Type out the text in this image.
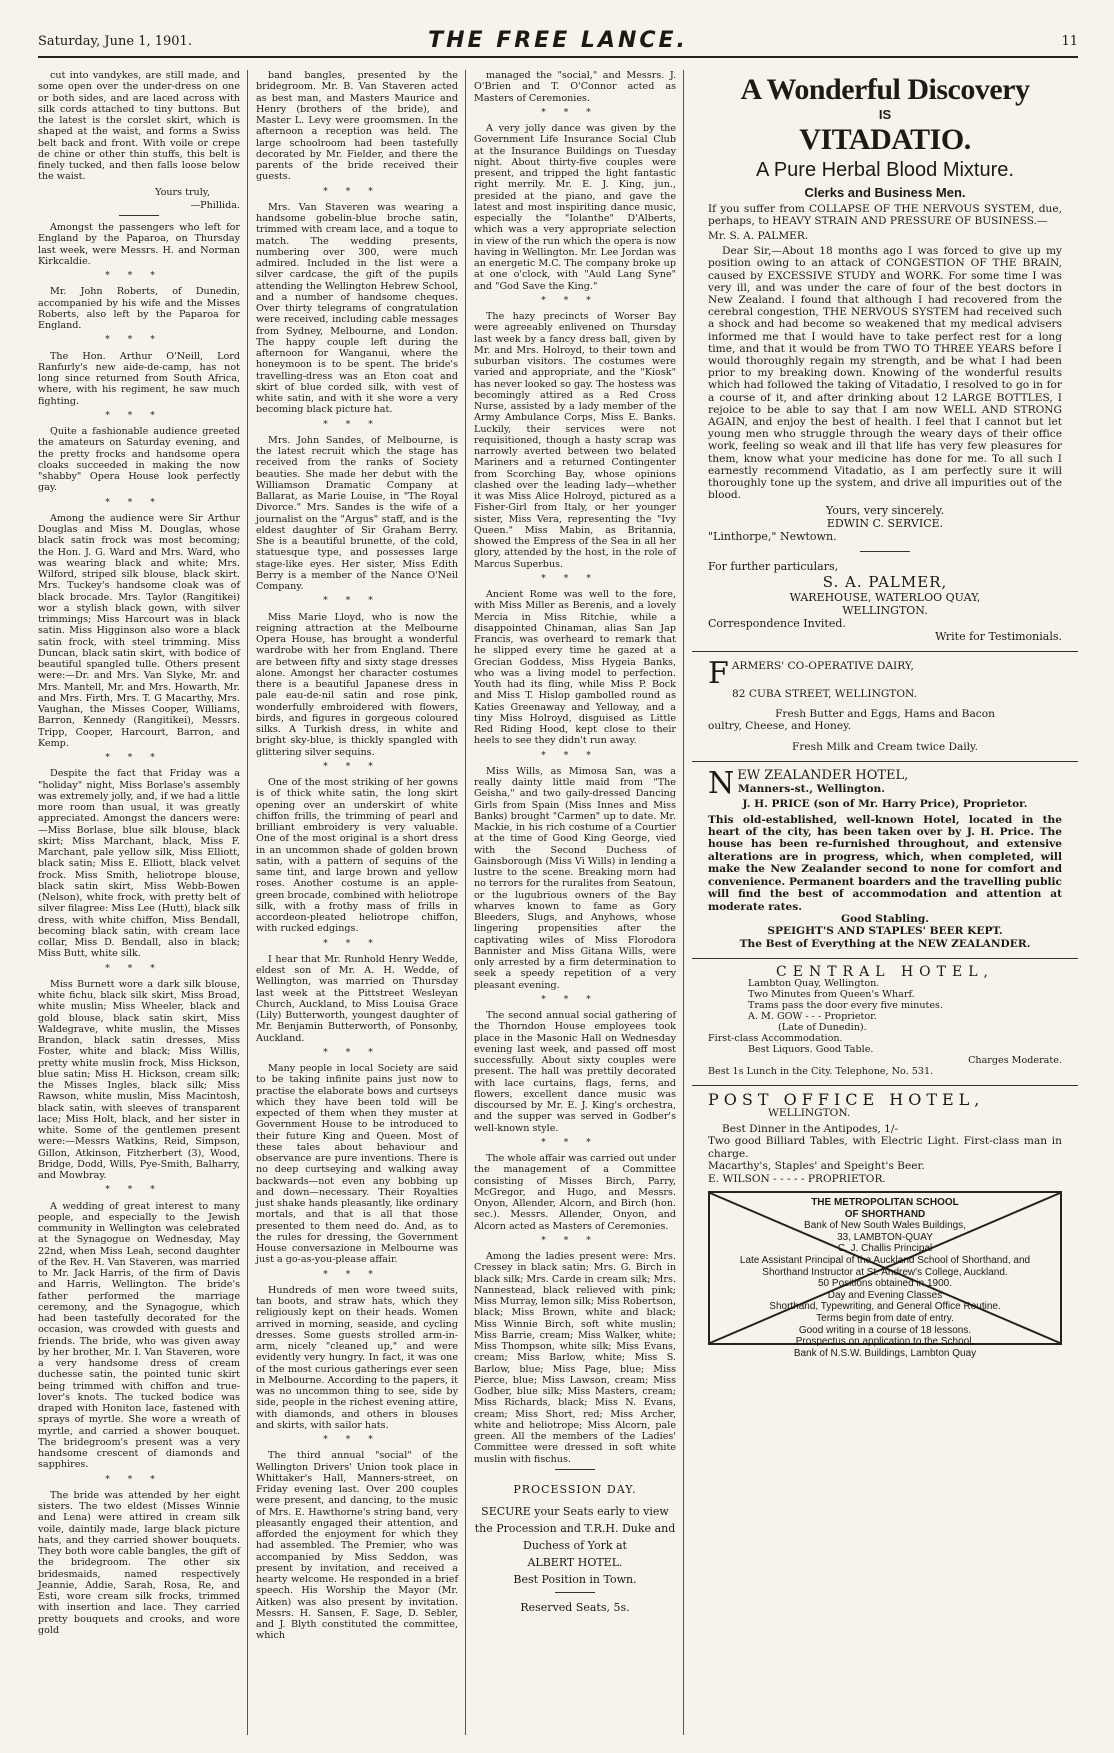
Saturday, June 1, 1901.	THE FREE LANCE.	11

cut into vandykes, are still made, and some open over the under-dress on one or both sides, and are laced across with silk cords attached to tiny buttons. But the latest is the corslet skirt, which is shaped at the waist, and forms a Swiss belt back and front. With voile or crepe de chine or other thin stuffs, this belt is finely tucked, and then falls loose below the waist.

Yours truly,
—Phillida.

Amongst the passengers who left for England by the Paparoa, on Thursday last week, were Messrs. H. and Norman Kirkcaldie.

***

Mr. John Roberts, of Dunedin, accompanied by his wife and the Misses Roberts, also left by the Paparoa for England.

***

The Hon. Arthur O'Neill, Lord Ranfurly's new aide-de-camp, has not long since returned from South Africa, where, with his regiment, he saw much fighting.

***

Quite a fashionable audience greeted the amateurs on Saturday evening, and the pretty frocks and handsome opera cloaks succeeded in making the now "shabby" Opera House look perfectly gay.

***

Among the audience were Sir Arthur Douglas and Miss M. Douglas, whose black satin frock was most becoming; the Hon. J. G. Ward and Mrs. Ward, who was wearing black and white; Mrs. Wilford, striped silk blouse, black skirt. Mrs. Tuckey's handsome cloak was of black brocade. Mrs. Taylor (Rangitikei) wor a stylish black gown, with silver trimmings; Miss Harcourt was in black satin. Miss Higginson also wore a black satin frock, with steel trimming. Miss Duncan, black satin skirt, with bodice of beautiful spangled tulle. Others present were:—Dr. and Mrs. Van Slyke, Mr. and Mrs. Mantell, Mr. and Mrs. Howarth, Mr. and Mrs. Firth, Mrs. T. G Macarthy, Mrs. Vaughan, the Misses Cooper, Williams, Barron, Kennedy (Rangitikei), Messrs. Tripp, Cooper, Harcourt, Barron, and Kemp.

***

Despite the fact that Friday was a "holiday" night, Miss Borlase's assembly was extremely jolly, and, if we had a little more room than usual, it was greatly appreciated. Amongst the dancers were:—Miss Borlase, blue silk blouse, black skirt; Miss Marchant, black, Miss F. Marchant, pale yellow silk, Miss Elliott, black satin; Miss E. Elliott, black velvet frock. Miss Smith, heliotrope blouse, black satin skirt, Miss Webb-Bowen (Nelson), white frock, with pretty belt of silver filagree: Miss Lee (Hutt), black silk dress, with white chiffon, Miss Bendall, becoming black satin, with cream lace collar, Miss D. Bendall, also in black; Miss Butt, white silk.

***

Miss Burnett wore a dark silk blouse, white fichu, black silk skirt, Miss Broad, white muslin; Miss Wheeler, black and gold blouse, black satin skirt, Miss Waldegrave, white muslin, the Misses Brandon, black satin dresses, Miss Foster, white and black; Miss Willis, pretty white muslin frock, Miss Hickson, blue satin; Miss H. Hickson, cream silk; the Misses Ingles, black silk; Miss Rawson, white muslin, Miss Macintosh, black satin, with sleeves of transparent lace; Miss Holt, black, and her sister in white. Some of the gentlemen present were:—Messrs Watkins, Reid, Simpson, Gillon, Atkinson, Fitzherbert (3), Wood, Bridge, Dodd, Wills, Pye-Smith, Balharry, and Mowbray.

***

A wedding of great interest to many people, and especially to the Jewish community in Wellington was celebrated at the Synagogue on Wednesday, May 22nd, when Miss Leah, second daughter of the Rev. H. Van Staveren, was married to Mr. Jack Harris, of the firm of Davis and Harris, Wellington. The bride's father performed the marriage ceremony, and the Synagogue, which had been tastefully decorated for the occasion, was crowded with guests and friends. The bride, who was given away by her brother, Mr. I. Van Staveren, wore a very handsome dress of cream duchesse satin, the pointed tunic skirt being trimmed with chiffon and true-lover's knots. The tucked bodice was draped with Honiton lace, fastened with sprays of myrtle. She wore a wreath of myrtle, and carried a shower bouquet. The bridegroom's present was a very handsome crescent of diamonds and sapphires.

***

The bride was attended by her eight sisters. The two eldest (Misses Winnie and Lena) were attired in cream silk voile, daintily made, large black picture hats, and they carried shower bouquets. They both wore cable bangles, the gift of the bridegroom. The other six bridesmaids, named respectively Jeannie, Addie, Sarah, Rosa, Re, and Esti, wore cream silk frocks, trimmed with insertion and lace. They carried pretty bouquets and crooks, and wore gold

band bangles, presented by the bridegroom. Mr. B. Van Staveren acted as best man, and Masters Maurice and Henry (brothers of the bride), and Master L. Levy were groomsmen. In the afternoon a reception was held. The large schoolroom had been tastefully decorated by Mr. Fielder, and there the parents of the bride received their guests.

***

Mrs. Van Staveren was wearing a handsome gobelin-blue broche satin, trimmed with cream lace, and a toque to match. The wedding presents, numbering over 300, were much admired. Included in the list were a silver cardcase, the gift of the pupils attending the Wellington Hebrew School, and a number of handsome cheques. Over thirty telegrams of congratulation were received, including cable messages from Sydney, Melbourne, and London. The happy couple left during the afternoon for Wanganui, where the honeymoon is to be spent. The bride's travelling-dress was an Eton coat and skirt of blue corded silk, with vest of white satin, and with it she wore a very becoming black picture hat.

***

Mrs. John Sandes, of Melbourne, is the latest recruit which the stage has received from the ranks of Society beauties. She made her debut with the Williamson Dramatic Company at Ballarat, as Marie Louise, in "The Royal Divorce." Mrs. Sandes is the wife of a journalist on the "Argus" staff, and is the eldest daughter of Sir Graham Berry. She is a beautiful brunette, of the cold, statuesque type, and possesses large stage-like eyes. Her sister, Miss Edith Berry is a member of the Nance O'Neil Company.

***

Miss Marie Lloyd, who is now the reigning attraction at the Melbourne Opera House, has brought a wonderful wardrobe with her from England. There are between fifty and sixty stage dresses alone. Amongst her character costumes there is a beautiful Japanese dress in pale eau-de-nil satin and rose pink, wonderfully embroidered with flowers, birds, and figures in gorgeous coloured silks. A Turkish dress, in white and bright sky-blue, is thickly spangled with glittering silver sequins.

***

One of the most striking of her gowns is of thick white satin, the long skirt opening over an underskirt of white chiffon frills, the trimming of pearl and brilliant embroidery is very valuable. One of the most original is a short dress in an uncommon shade of golden brown satin, with a pattern of sequins of the same tint, and large brown and yellow roses. Another costume is an apple-green brocade, combined with heliotrope silk, with a frothy mass of frills in accordeon-pleated heliotrope chiffon, with rucked edgings.

***

I hear that Mr. Runhold Henry Wedde, eldest son of Mr. A. H. Wedde, of Wellington, was married on Thursday last week at the Pittstreet Wesleyan Church, Auckland, to Miss Louisa Grace (Lily) Butterworth, youngest daughter of Mr. Benjamin Butterworth, of Ponsonby, Auckland.

***

Many people in local Society are said to be taking infinite pains just now to practise the elaborate bows and curtseys which they have been told will be expected of them when they muster at Government House to be introduced to their future King and Queen. Most of these tales about behaviour and observance are pure inventions. There is no deep curtseying and walking away backwards—not even any bobbing up and down—necessary. Their Royalties just shake hands pleasantly, like ordinary mortals, and that is all that those presented to them need do. And, as to the rules for dressing, the Government House conversazione in Melbourne was just a go-as-you-please affair.

***

Hundreds of men wore tweed suits, tan boots, and straw hats, which they religiously kept on their heads. Women arrived in morning, seaside, and cycling dresses. Some guests strolled arm-in-arm, nicely "cleaned up," and were evidently very hungry. In fact, it was one of the most curious gatherings ever seen in Melbourne. According to the papers, it was no uncommon thing to see, side by side, people in the richest evening attire, with diamonds, and others in blouses and skirts, with sailor hats.

***

The third annual "social" of the Wellington Drivers' Union took place in Whittaker's Hall, Manners-street, on Friday evening last. Over 200 couples were present, and dancing, to the music of Mrs. E. Hawthorne's string band, very pleasantly engaged their attention, and afforded the enjoyment for which they had assembled. The Premier, who was accompanied by Miss Seddon, was present by invitation, and received a hearty welcome. He responded in a brief speech. His Worship the Mayor (Mr. Aitken) was also present by invitation. Messrs. H. Sansen, F. Sage, D. Sebler, and J. Blyth constituted the committee, which

managed the "social," and Messrs. J. O'Brien and T. O'Connor acted as Masters of Ceremonies.

***

A very jolly dance was given by the Government Life Insurance Social Club at the Insurance Buildings on Tuesday night. About thirty-five couples were present, and tripped the light fantastic right merrily. Mr. E. J. King, jun., presided at the piano, and gave the latest and most inspiriting dance music, especially the "Iolanthe" D'Alberts, which was a very appropriate selection in view of the run which the opera is now having in Wellington. Mr. Lee Jordan was an energetic M.C. The company broke up at one o'clock, with "Auld Lang Syne" and "God Save the King."

***

The hazy precincts of Worser Bay were agreeably enlivened on Thursday last week by a fancy dress ball, given by Mr. and Mrs. Holroyd, to their town and suburban visitors. The costumes were varied and appropriate, and the "Kiosk" has never looked so gay. The hostess was becomingly attired as a Red Cross Nurse, assisted by a lady member of the Army Ambulance Corps, Miss E. Banks. Luckily, their services were not requisitioned, though a hasty scrap was narrowly averted between two belated Mariners and a returned Contingenter from Scorching Bay, whose opinions clashed over the leading lady—whether it was Miss Alice Holroyd, pictured as a Fisher-Girl from Italy, or her younger sister, Miss Vera, representing the "Ivy Queen." Miss Mabin, as Britannia, showed the Empress of the Sea in all her glory, attended by the host, in the role of Marcus Superbus.

***

Ancient Rome was well to the fore, with Miss Miller as Berenis, and a lovely Mercia in Miss Ritchie, while a disappointed Chinaman, alias San Jap Francis, was overheard to remark that he slipped every time he gazed at a Grecian Goddess, Miss Hygeia Banks, who was a living model to perfection. Youth had its fling, while Miss P. Bock and Miss T. Hislop gambolled round as Katies Greenaway and Yelloway, and a tiny Miss Holroyd, disguised as Little Red Riding Hood, kept close to their heels to see they didn't run away.

***

Miss Wills, as Mimosa San, was a really dainty little maid from "The Geisha," and two gaily-dressed Dancing Girls from Spain (Miss Innes and Miss Banks) brought "Carmen" up to date. Mr. Mackie, in his rich costume of a Courtier at the time of Good King George, vied with the Second Duchess of Gainsborough (Miss Vi Wills) in lending a lustre to the scene. Breaking morn had no terrors for the ruralites from Seatoun, or the lugubrious owners of the Bay wharves known to fame as Gory Bleeders, Slugs, and Anyhows, whose lingering propensities after the captivating wiles of Miss Florodora Bannister and Miss Gitana Wills, were only arrested by a firm determination to seek a speedy repetition of a very pleasant evening.

***

The second annual social gathering of the Thorndon House employees took place in the Masonic Hall on Wednesday evening last week, and passed off most successfully. About sixty couples were present. The hall was prettily decorated with lace curtains, flags, ferns, and flowers, excellent dance music was discoursed by Mr. E. J. King's orchestra, and the supper was served in Godber's well-known style.

***

The whole affair was carried out under the management of a Committee consisting of Misses Birch, Parry, McGregor, and Hugo, and Messrs. Onyon, Allender, Alcorn, and Birch (hon. sec.). Messrs. Allender, Onyon, and Alcorn acted as Masters of Ceremonies.

***

Among the ladies present were: Mrs. Cressey in black satin; Mrs. G. Birch in black silk; Mrs. Carde in cream silk; Mrs. Nannestead, black relieved with pink; Miss Murray, lemon silk; Miss Robertson, black; Miss Brown, white and black; Miss Winnie Birch, soft white muslin; Miss Barrie, cream; Miss Walker, white; Miss Thompson, white silk; Miss Evans, cream; Miss Barlow, white; Miss S. Barlow, blue; Miss Page, blue; Miss Pierce, blue; Miss Lawson, cream; Miss Godber, blue silk; Miss Masters, cream; Miss Richards, black; Miss N. Evans, cream; Miss Short, red; Miss Archer, white and heliotrope; Miss Alcorn, pale green. All the members of the Ladies' Committee were dressed in soft white muslin with fischus.

PROCESSION DAY.
SECURE your Seats early to view
the Procession and T.R.H. Duke and
Duchess of York at
ALBERT HOTEL.
Best Position in Town.
Reserved Seats, 5s.
A Wonderful Discovery
IS
VITADATIO.
A Pure Herbal Blood Mixture.
Clerks and Business Men.

If you suffer from COLLAPSE OF THE NERVOUS SYSTEM, due, perhaps, to HEAVY STRAIN AND PRESSURE OF BUSINESS.—

Mr. S. A. PALMER.

Dear Sir,—About 18 months ago I was forced to give up my position owing to an attack of CONGESTION OF THE BRAIN, caused by EXCESSIVE STUDY and WORK. For some time I was very ill, and was under the care of four of the best doctors in New Zealand. I found that although I had recovered from the cerebral congestion, THE NERVOUS SYSTEM had received such a shock and had become so weakened that my medical advisers informed me that I would have to take perfect rest for a long time, and that it would be from TWO TO THREE YEARS before I would thoroughly regain my strength, and be what I had been prior to my breaking down. Knowing of the wonderful results which had followed the taking of Vitadatio, I resolved to go in for a course of it, and after drinking about 12 LARGE BOTTLES, I rejoice to be able to say that I am now WELL AND STRONG AGAIN, and enjoy the best of health. I feel that I cannot but let young men who struggle through the weary days of their office work, feeling so weak and ill that life has very few pleasures for them, know what your medicine has done for me. To all such I earnestly recommend Vitadatio, as I am perfectly sure it will thoroughly tone up the system, and drive all impurities out of the blood.

Yours, very sincerely.
EDWIN C. SERVICE.
"Linthorpe," Newtown.
For further particulars,
S. A. PALMER,
WAREHOUSE, WATERLOO QUAY,
WELLINGTON.
Correspondence Invited.
Write for Testimonials.
FARMERS' CO-OPERATIVE DAIRY,
82 CUBA STREET, WELLINGTON.
Fresh Butter and Eggs, Hams and Bacon
oultry, Cheese, and Honey.
Fresh Milk and Cream twice Daily.
NEW ZEALANDER HOTEL,
Manners-st., Wellington.
J. H. PRICE (son of Mr. Harry Price), Proprietor.
This old-established, well-known Hotel, located in the heart of the city, has been taken over by J. H. Price. The house has been re-furnished throughout, and extensive alterations are in progress, which, when completed, will make the New Zealander second to none for comfort and convenience. Permanent boarders and the travelling public will find the best of accommodation and attention at moderate rates.
Good Stabling.
SPEIGHT'S AND STAPLES' BEER KEPT.
The Best of Everything at the NEW ZEALANDER.
CENTRAL HOTEL,
Lambton Quay, Wellington.
Two Minutes from Queen's Wharf.
Trams pass the door every five minutes.
A. M. GOW - - - Proprietor.
(Late of Dunedin).
First-class Accommodation.
Best Liquors. Good Table.
Charges Moderate.
Best 1s Lunch in the City. Telephone, No. 531.
POST OFFICE HOTEL,
WELLINGTON.
Best Dinner in the Antipodes, 1/-
Two good Billiard Tables, with Electric Light. First-class man in charge.
Macarthy's, Staples' and Speight's Beer.
E. WILSON - - - - - PROPRIETOR.
THE METROPOLITAN SCHOOL
OF SHORTHAND
Bank of New South Wales Buildings,
33, LAMBTON-QUAY
C. J. Challis Principal
Late Assistant Principal of the Auckland School of Shorthand, and Shorthand Instructor at St. Andrew's College, Auckland.
50 Positions obtained in 1900.
Day and Evening Classes
Shorthand, Typewriting, and General Office Routine.
Terms begin from date of entry.
Good writing in a course of 18 lessons.
Prospectus on application to the School.
Bank of N.S.W. Buildings, Lambton Quay
